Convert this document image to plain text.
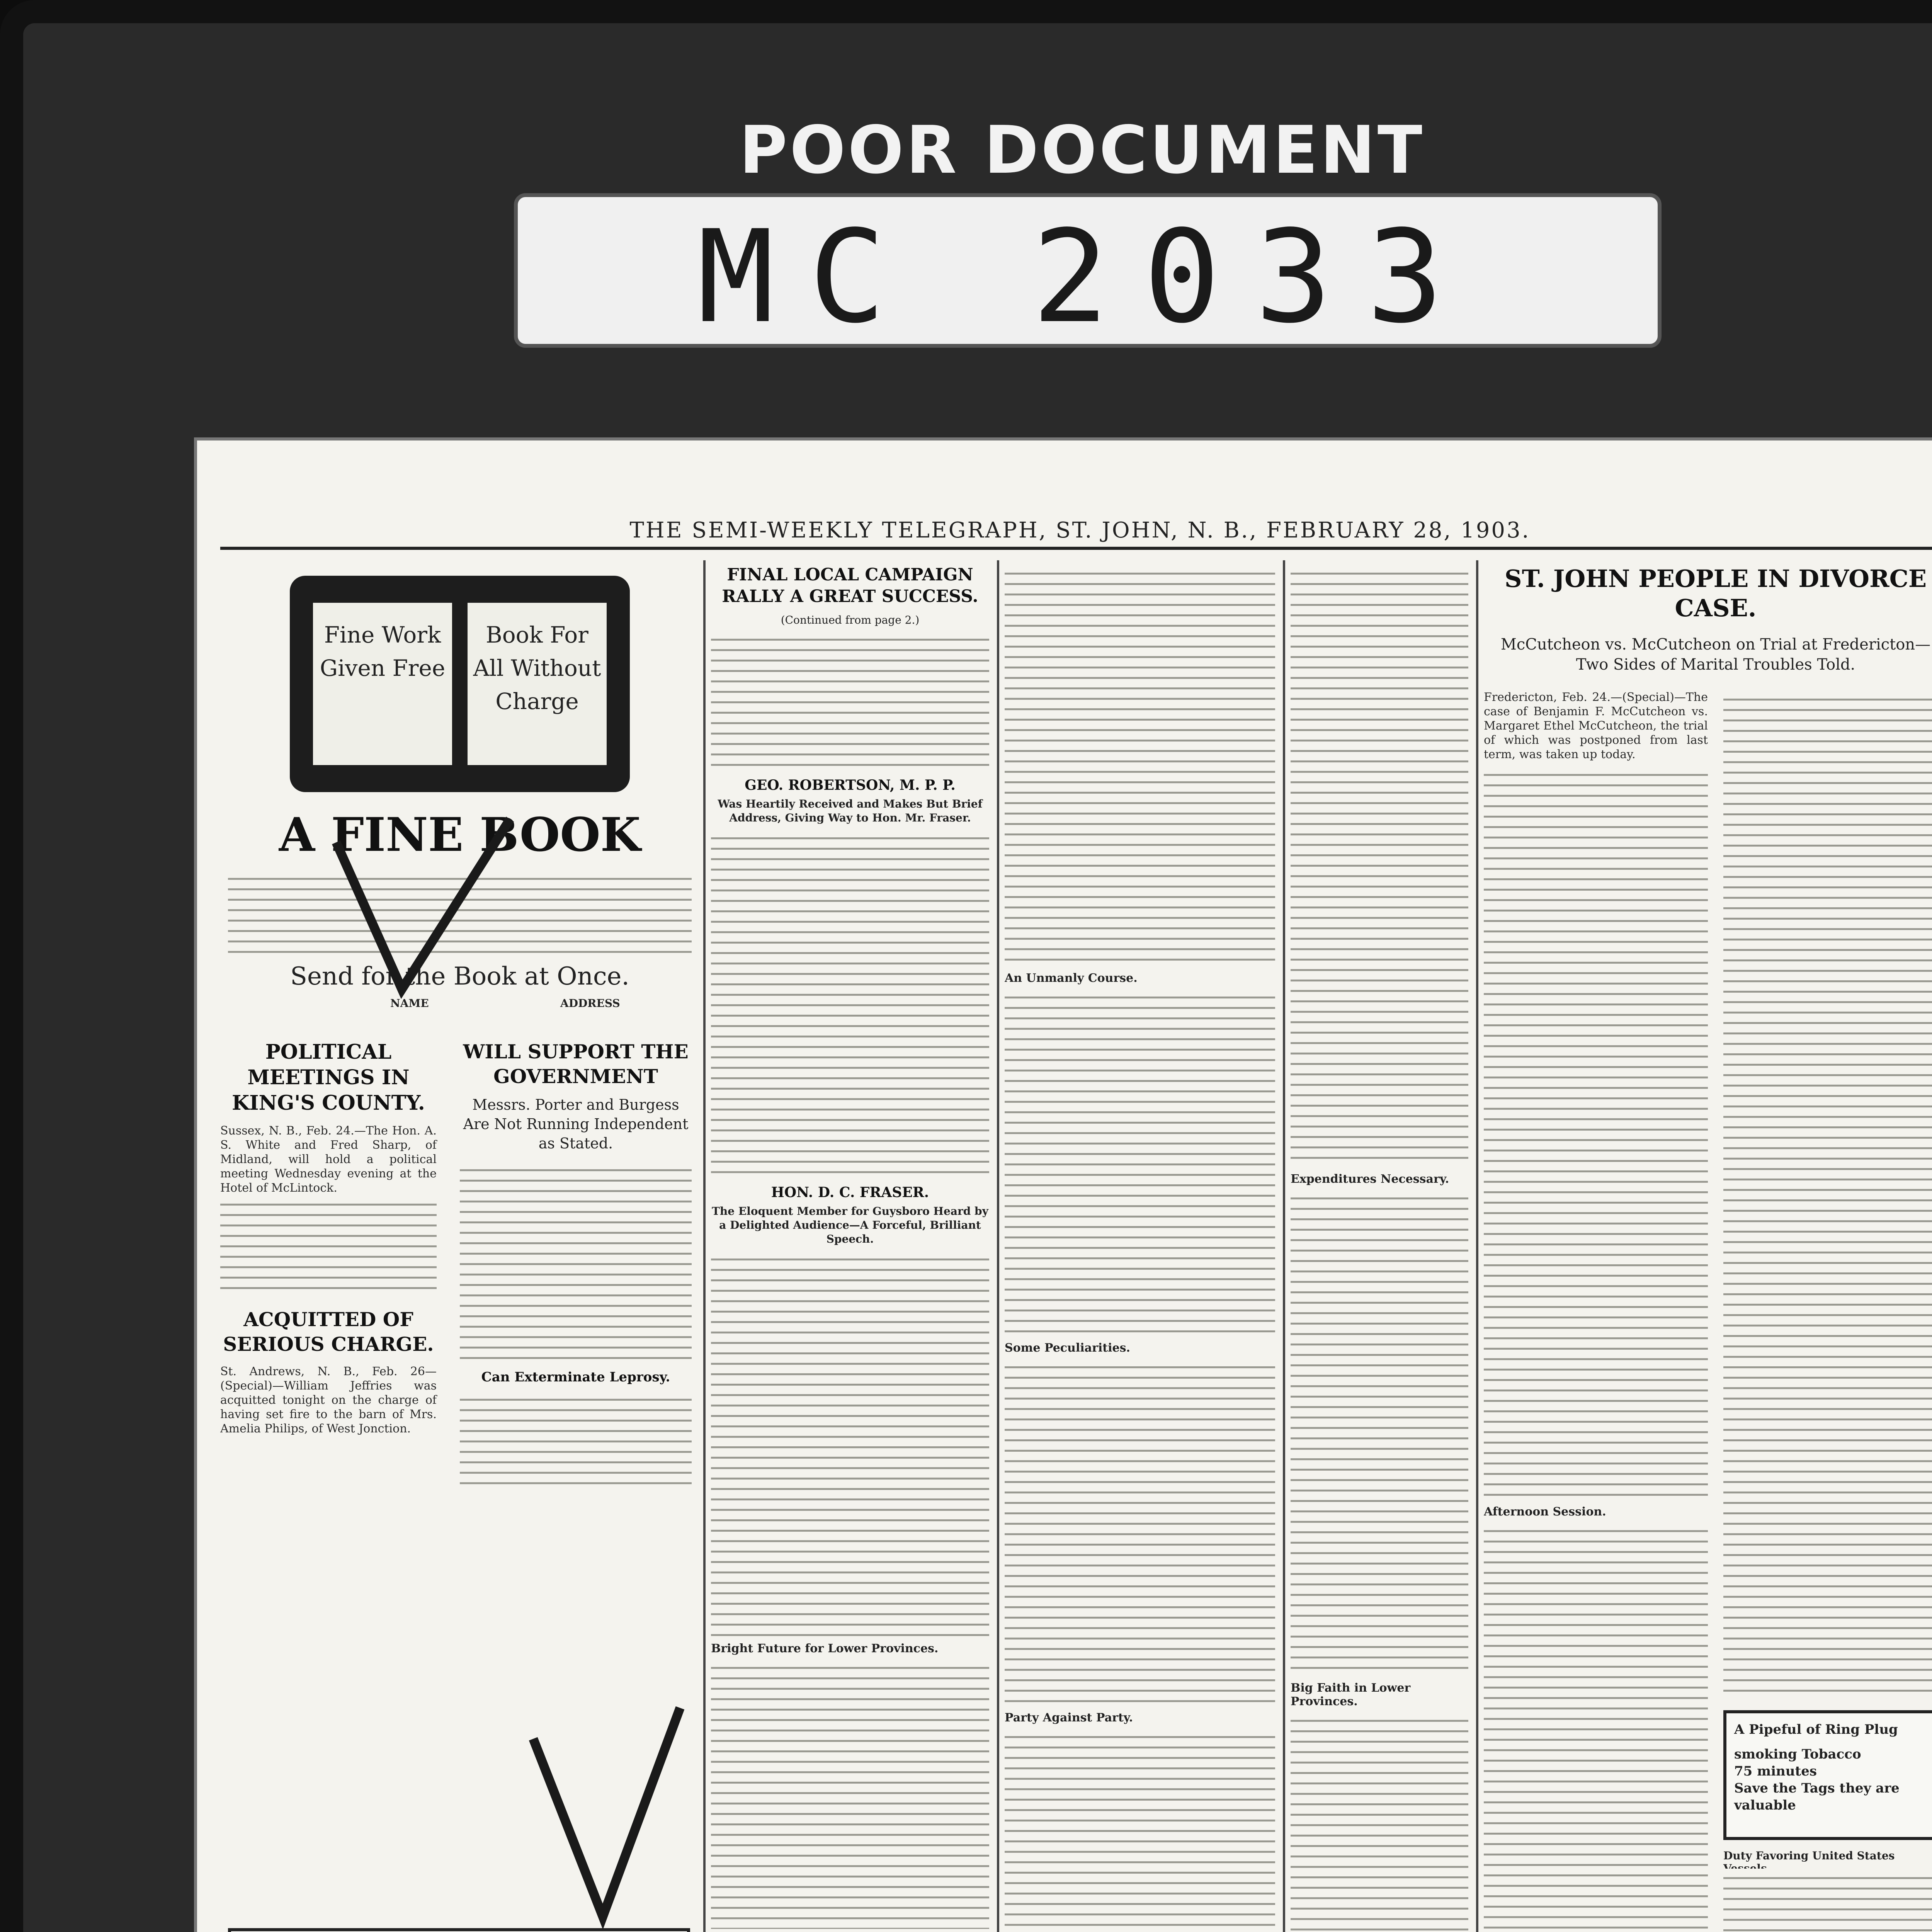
POOR DOCUMENT
MC 2033
THE SEMI-WEEKLY TELEGRAPH, ST. JOHN, N. B., FEBRUARY 28, 1903.
Fine Work Given Free
Book For All Without Charge
A FINE BOOK
Send for the Book at Once.
NAME	ADDRESS
POLITICAL MEETINGS IN KING'S COUNTY.
Sussex, N. B., Feb. 24.—The Hon. A. S. White and Fred Sharp, of Midland, will hold a political meeting Wednesday evening at the Hotel of McLintock.
ACQUITTED OF SERIOUS CHARGE.
St. Andrews, N. B., Feb. 26—(Special)—William Jeffries was acquitted tonight on the charge of having set fire to the barn of Mrs. Amelia Philips, of West Jonction.
WILL SUPPORT THE GOVERNMENT
Messrs. Porter and Burgess Are Not Running Independent as Stated.
Can Exterminate Leprosy.
FINAL LOCAL CAMPAIGN RALLY A GREAT SUCCESS.
(Continued from page 2.)
GEO. ROBERTSON, M. P. P.
Was Heartily Received and Makes But Brief Address, Giving Way to Hon. Mr. Fraser.
HON. D. C. FRASER.
The Eloquent Member for Guysboro Heard by a Delighted Audience—A Forceful, Brilliant Speech.
Bright Future for Lower Provinces.
An Unmanly Course.
Some Peculiarities.
Party Against Party.
Expenditures Necessary.
Big Faith in Lower Provinces.
ST. JOHN PEOPLE IN DIVORCE CASE.
McCutcheon vs. McCutcheon on Trial at Fredericton—Two Sides of Marital Troubles Told.
Fredericton, Feb. 24.—(Special)—The case of Benjamin F. McCutcheon vs. Margaret Ethel McCutcheon, the trial of which was postponed from last term, was taken up today.
Afternoon Session.
A Pipeful of Ring Plug
smoking Tobacco
75 minutes
Save the Tags they are valuable
Duty Favoring United States
